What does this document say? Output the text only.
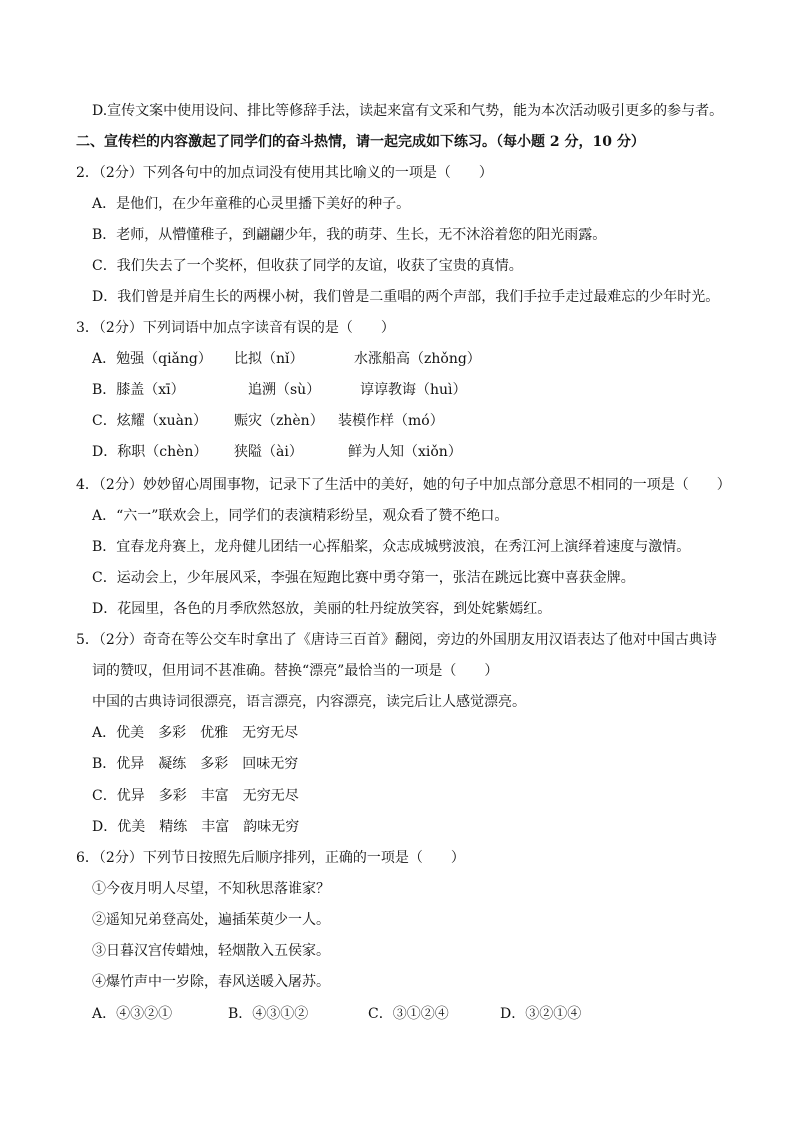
D.宣传文案中使用设问、排比等修辞手法，读起来富有文采和气势，能为本次活动吸引更多的参与者。
二、宣传栏的内容激起了同学们的奋斗热情，请一起完成如下练习。（每小题 2 分，10 分）
2．（2分）下列各句中的加点词没有使用其比喻义的一项是（　　）
A．是他们，在少年童稚的心灵里播下美好的种子。
B．老师，从懵懂稚子，到翩翩少年，我的萌芽、生长，无不沐浴着您的阳光雨露。
C．我们失去了一个奖杯，但收获了同学的友谊，收获了宝贵的真情。
D．我们曾是并肩生长的两棵小树，我们曾是二重唱的两个声部，我们手拉手走过最难忘的少年时光。
3．（2分）下列词语中加点字读音有误的是（　　）
A．勉强（qiǎng） 比拟（nǐ）	水涨船高（zhǒng）
B．膝盖（xī）	追溯（sù）	谆谆教诲（huì）
C．炫耀（xuàn） 赈灾（zhèn） 装模作样（mó）
D．称职（chèn） 狭隘（ài）	鲜为人知（xiǒn）
4．（2分）妙妙留心周围事物，记录下了生活中的美好，她的句子中加点部分意思不相同的一项是（　　）
A．“六一”联欢会上，同学们的表演精彩纷呈，观众看了赞不绝口。
B．宜春龙舟赛上，龙舟健儿团结一心挥船桨，众志成城劈波浪，在秀江河上演绎着速度与激情。
C．运动会上，少年展风采，李强在短跑比赛中勇夺第一，张洁在跳远比赛中喜获金牌。
D．花园里，各色的月季欣然怒放，美丽的牡丹绽放笑容，到处姹紫嫣红。
5．（2分）奇奇在等公交车时拿出了《唐诗三百首》翻阅，旁边的外国朋友用汉语表达了他对中国古典诗
词的赞叹，但用词不甚准确。替换“漂亮”最恰当的一项是（　　）
中国的古典诗词很漂亮，语言漂亮，内容漂亮，读完后让人感觉漂亮。
A．优美　多彩　优雅　无穷无尽
B．优异　凝练　多彩　回味无穷
C．优异　多彩　丰富　无穷无尽
D．优美　精练　丰富　韵味无穷
6．（2分）下列节日按照先后顺序排列，正确的一项是（　　）
①今夜月明人尽望，不知秋思落谁家？
②遥知兄弟登高处，遍插茱萸少一人。
③日暮汉宫传蜡烛，轻烟散入五侯家。
④爆竹声中一岁除，春风送暖入屠苏。
A．④③②①	B．④③①②	C．③①②④	D．③②①④
